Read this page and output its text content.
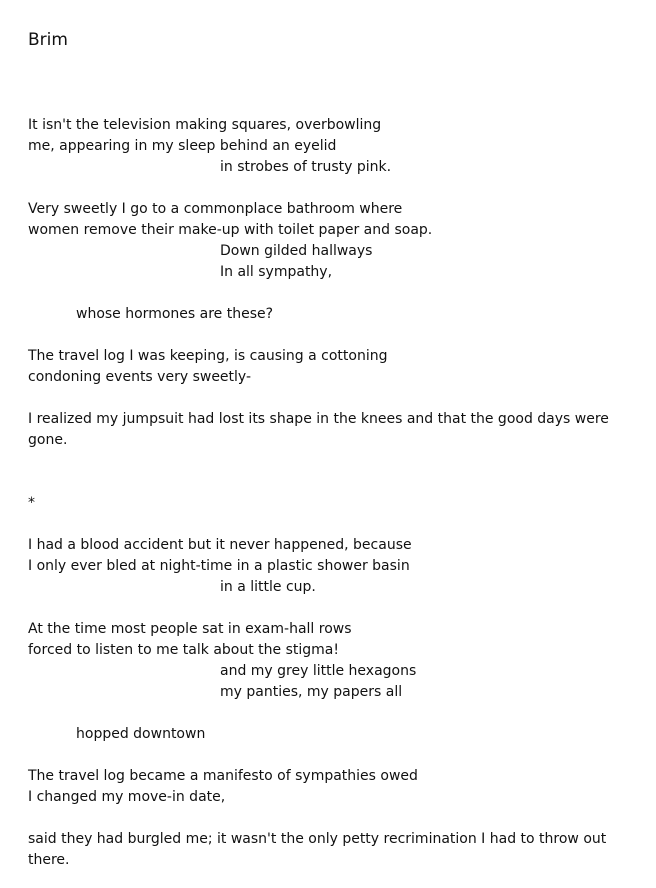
Brim
It isn't the television making squares, overbowling
me, appearing in my sleep behind an eyelid
in strobes of trusty pink.
Very sweetly I go to a commonplace bathroom where
women remove their make-up with toilet paper and soap.
Down gilded hallways
In all sympathy,
whose hormones are these?
The travel log I was keeping, is causing a cottoning
condoning events very sweetly-
I realized my jumpsuit had lost its shape in the knees and that the good days were gone.
*
I had a blood accident but it never happened, because
I only ever bled at night-time in a plastic shower basin
in a little cup.
At the time most people sat in exam-hall rows
forced to listen to me talk about the stigma!
and my grey little hexagons
my panties, my papers all
hopped downtown
The travel log became a manifesto of sympathies owed
I changed my move-in date,
said they had burgled me; it wasn't the only petty recrimination I had to throw out there.
